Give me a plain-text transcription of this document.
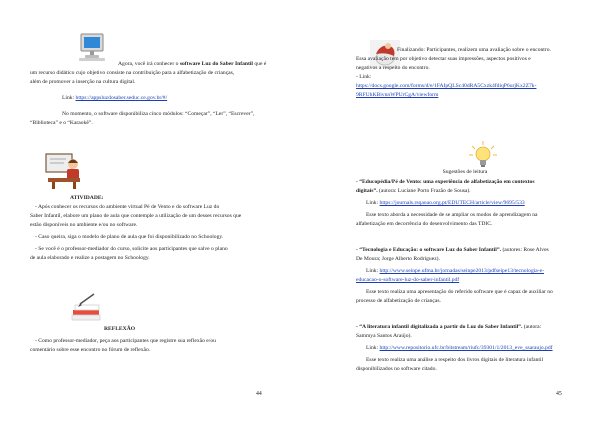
Agora, você irá conhecer o software Luz do Saber Infantil que é

um recurso didático cujo objetivo consiste na contribuição para a alfabetização de crianças,

além de promover a inserção na cultura digital.

Link: https://appsluzdosaber.seduc.ce.gov.br/#/

No momento, o software disponibiliza cinco módulos: “Começar”, “Ler”, “Escrever”,

“Biblioteca” e o “Karaokê”.

ATIVIDADE:

- Após conhecer os recursos do ambiente virtual Pé de Vento e do software Luz do

Saber Infantil, elabore um plano de aula que contemple a utilização de um desses recursos que

estão disponíveis no ambiente e/ou no software.

- Caso queira, siga o modelo de plano de aula que foi disponibilizado no Schoology.

- Se você é o professor-mediador do curso, solicite aos participantes que salve o plano

de aula elaborado e realize a postagem no Schoology.

REFLEXÃO

- Como professor-mediador, peça aos participantes que registre sua reflexão e/ou

comentário sobre esse encontro no fórum de reflexão.

44

Finalizando: Participantes, realizem uma avaliação sobre o encontro.

Essa avaliação tem por objetivo detectar suas impressões, aspectos positivos e

negativos a respeito do encontro.

- Link:

https://docs.google.com/forms/d/e/1FAIpQLSc40dRA5Cxzk4fdiqP6urjKx2Z7k-
9RFUhKBivnnWPUrCgA/viewform

Sugestões de leitura

- “Educopédia/Pé de Vento: uma experiência de alfabetização em contextos

digitais”. (autora: Luciane Porto Frazão de Sousa).

Link: https://journals.rsqaoao.org.pt/EDUTECH/article/view/9695/533

Esse texto aborda a necessidade de se ampliar os modos de aprendizagem na

alfabetização em decorrência do desenvolvimento das TDIC.

- “Tecnologia e Educação: o software Luz do Saber Infantil”. (autores: Rose Alves

De Moura; Jorge Alberto Rodriguez).

Link: http://www.seinpe.ufma.br/jornadas/seinpe2013/pdfseipe13/tecnologia-e-

educacao-o-software-luz-do-saber-infantil.pdf

Esse texto realiza uma apresentação do referido software que é capaz de auxiliar no

processo de alfabetização de crianças.

- “A literatura infantil digitalizada a partir do Luz do Saber Infantil”. (autora:

Sammya Santos Araújo).

Link: http://www.repositorio.ufc.br/bitstream/riufc/39301/1/2013_eve_ssaraujo.pdf

Esse texto realiza uma análise a respeito dos livros digitais de literatura infantil

disponibilizados no software citado.

45
